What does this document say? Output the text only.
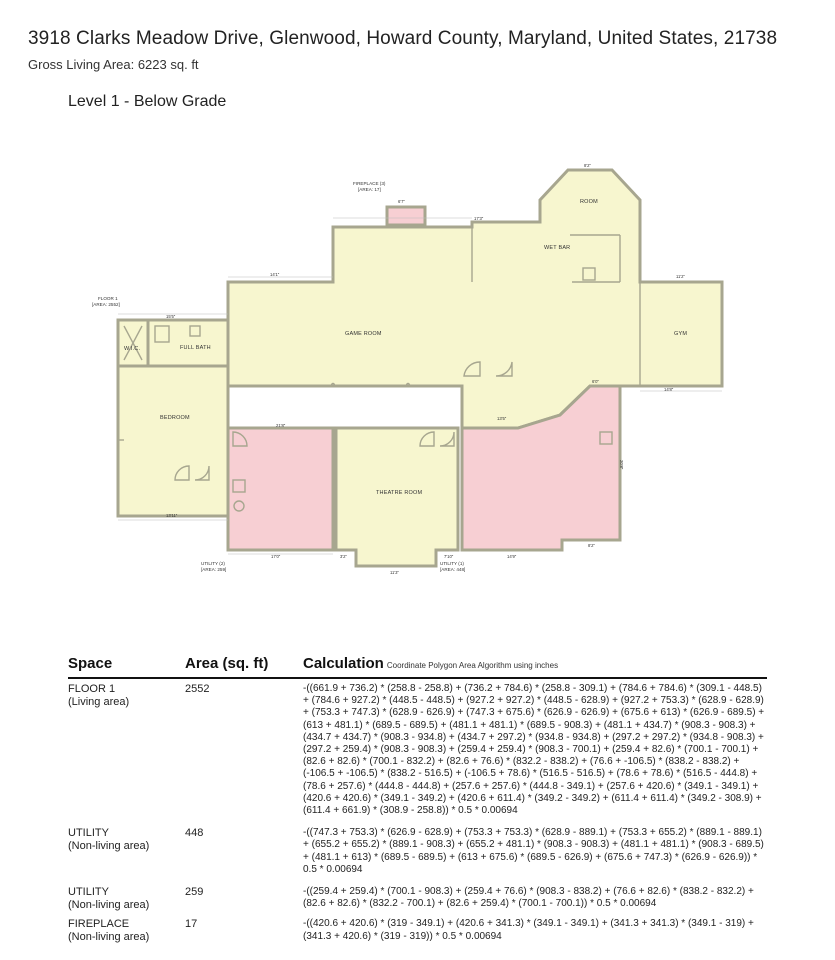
3918 Clarks Meadow Drive, Glenwood, Howard County, Maryland, United States, 21738
Gross Living Area: 6223 sq. ft
Level 1 - Below Grade
GAME ROOM
WET BAR
ROOM
GYM
BEDROOM
W.I.C.	FULL BATH
THEATRE ROOM
FIREPLACE (3)
[AREA: 17]
FLOOR 1
[AREA: 2552]
UTILITY (2)
[AREA: 259]
UTILITY (1)
[AREA: 448]
8'2"
6'7"
17'3"
14'1"
15'5"
13'11"
14'8"
21'8"
17'0"	3'2"
11'3"
7'10"	14'9"
8'2"
13'5"
6'0"
20'8"
11'2"
Space	Area (sq. ft) Calculation Coordinate Polygon Area Algorithm using inches
FLOOR 1
(Living area)
2552	-((661.9 + 736.2) * (258.8 - 258.8) + (736.2 + 784.6) * (258.8 - 309.1) + (784.6 + 784.6) * (309.1 - 448.5) + (784.6 + 927.2) * (448.5 - 448.5) + (927.2 + 927.2) * (448.5 - 628.9) + (927.2 + 753.3) * (628.9 - 628.9) + (753.3 + 747.3) * (628.9 - 626.9) + (747.3 + 675.6) * (626.9 - 626.9) + (675.6 + 613) * (626.9 - 689.5) + (613 + 481.1) * (689.5 - 689.5) + (481.1 + 481.1) * (689.5 - 908.3) + (481.1 + 434.7) * (908.3 - 908.3) + (434.7 + 434.7) * (908.3 - 934.8) + (434.7 + 297.2) * (934.8 - 934.8) + (297.2 + 297.2) * (934.8 - 908.3) + (297.2 + 259.4) * (908.3 - 908.3) + (259.4 + 259.4) * (908.3 - 700.1) + (259.4 + 82.6) * (700.1 - 700.1) + (82.6 + 82.6) * (700.1 - 832.2) + (82.6 + 76.6) * (832.2 - 838.2) + (76.6 + -106.5) * (838.2 - 838.2) + (-106.5 + -106.5) * (838.2 - 516.5) + (-106.5 + 78.6) * (516.5 - 516.5) + (78.6 + 78.6) * (516.5 - 444.8) + (78.6 + 257.6) * (444.8 - 444.8) + (257.6 + 257.6) * (444.8 - 349.1) + (257.6 + 420.6) * (349.1 - 349.1) + (420.6 + 420.6) * (349.1 - 349.2) + (420.6 + 611.4) * (349.2 - 349.2) + (611.4 + 611.4) * (349.2 - 308.9) + (611.4 + 661.9) * (308.9 - 258.8)) * 0.5 * 0.00694
UTILITY
(Non-living area)
448	-((747.3 + 753.3) * (626.9 - 628.9) + (753.3 + 753.3) * (628.9 - 889.1) + (753.3 + 655.2) * (889.1 - 889.1) + (655.2 + 655.2) * (889.1 - 908.3) + (655.2 + 481.1) * (908.3 - 908.3) + (481.1 + 481.1) * (908.3 - 689.5) + (481.1 + 613) * (689.5 - 689.5) + (613 + 675.6) * (689.5 - 626.9) + (675.6 + 747.3) * (626.9 - 626.9)) * 0.5 * 0.00694
UTILITY
(Non-living area)
259	-((259.4 + 259.4) * (700.1 - 908.3) + (259.4 + 76.6) * (908.3 - 838.2) + (76.6 + 82.6) * (838.2 - 832.2) + (82.6 + 82.6) * (832.2 - 700.1) + (82.6 + 259.4) * (700.1 - 700.1)) * 0.5 * 0.00694
FIREPLACE
(Non-living area)
17	-((420.6 + 420.6) * (319 - 349.1) + (420.6 + 341.3) * (349.1 - 349.1) + (341.3 + 341.3) * (349.1 - 319) + (341.3 + 420.6) * (319 - 319)) * 0.5 * 0.00694
